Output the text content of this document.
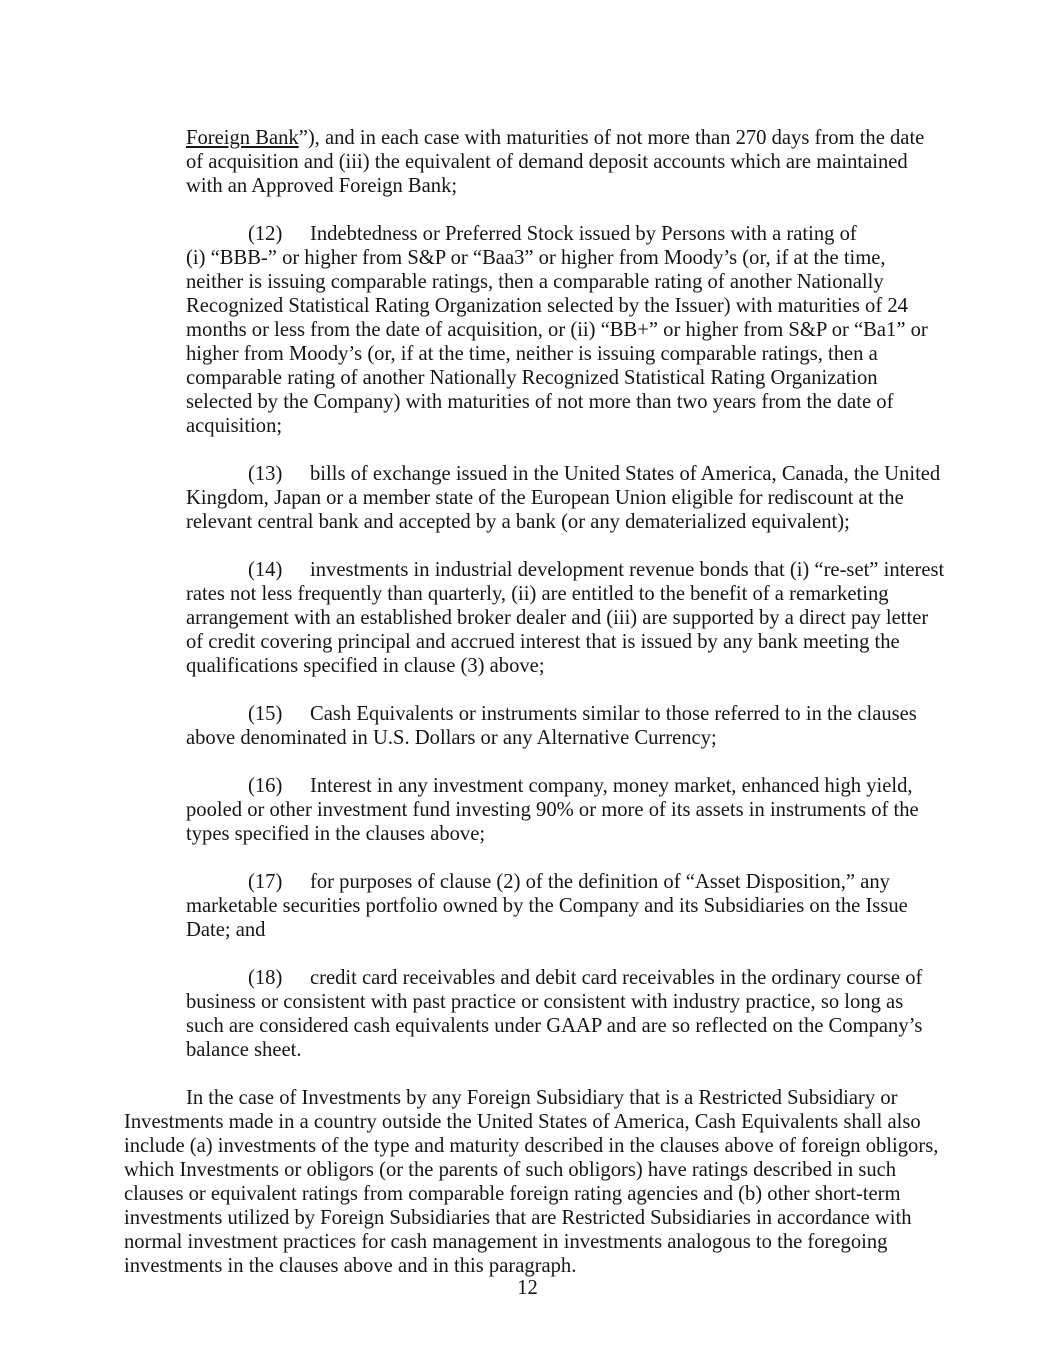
Foreign Bank”), and in each case with maturities of not more than 270 days from the date of acquisition and (iii) the equivalent of demand deposit accounts which are maintained with an Approved Foreign Bank;

(12) Indebtedness or Preferred Stock issued by Persons with a rating of (i) “BBB-” or higher from S&P or “Baa3” or higher from Moody’s (or, if at the time, neither is issuing comparable ratings, then a comparable rating of another Nationally Recognized Statistical Rating Organization selected by the Issuer) with maturities of 24 months or less from the date of acquisition, or (ii) “BB+” or higher from S&P or “Ba1” or higher from Moody’s (or, if at the time, neither is issuing comparable ratings, then a comparable rating of another Nationally Recognized Statistical Rating Organization selected by the Company) with maturities of not more than two years from the date of acquisition;

(13) bills of exchange issued in the United States of America, Canada, the United Kingdom, Japan or a member state of the European Union eligible for rediscount at the relevant central bank and accepted by a bank (or any dematerialized equivalent);

(14) investments in industrial development revenue bonds that (i) “re-set” interest rates not less frequently than quarterly, (ii) are entitled to the benefit of a remarketing arrangement with an established broker dealer and (iii) are supported by a direct pay letter of credit covering principal and accrued interest that is issued by any bank meeting the qualifications specified in clause (3) above;

(15) Cash Equivalents or instruments similar to those referred to in the clauses above denominated in U.S. Dollars or any Alternative Currency;

(16) Interest in any investment company, money market, enhanced high yield, pooled or other investment fund investing 90% or more of its assets in instruments of the types specified in the clauses above;

(17) for purposes of clause (2) of the definition of “Asset Disposition,” any marketable securities portfolio owned by the Company and its Subsidiaries on the Issue Date; and

(18) credit card receivables and debit card receivables in the ordinary course of business or consistent with past practice or consistent with industry practice, so long as such are considered cash equivalents under GAAP and are so reflected on the Company’s balance sheet.

In the case of Investments by any Foreign Subsidiary that is a Restricted Subsidiary or Investments made in a country outside the United States of America, Cash Equivalents shall also include (a) investments of the type and maturity described in the clauses above of foreign obligors, which Investments or obligors (or the parents of such obligors) have ratings described in such clauses or equivalent ratings from comparable foreign rating agencies and (b) other short-term investments utilized by Foreign Subsidiaries that are Restricted Subsidiaries in accordance with normal investment practices for cash management in investments analogous to the foregoing investments in the clauses above and in this paragraph.

12
